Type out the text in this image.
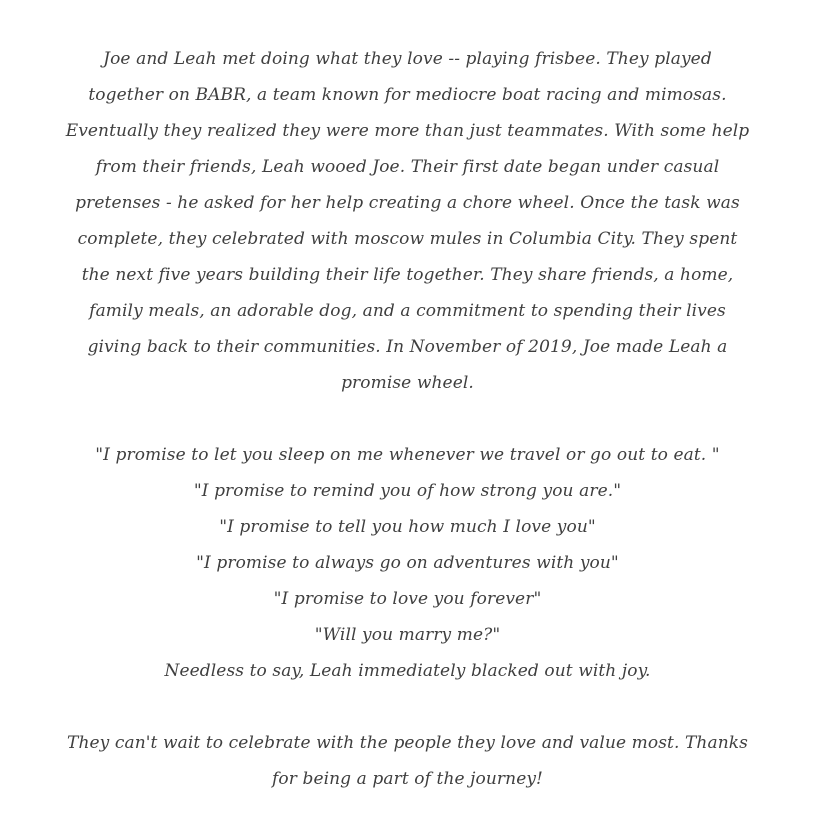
Joe and Leah met doing what they love -- playing frisbee. They played together on BABR, a team known for mediocre boat racing and mimosas. Eventually they realized they were more than just teammates. With some help from their friends, Leah wooed Joe. Their first date began under casual pretenses - he asked for her help creating a chore wheel. Once the task was complete, they celebrated with moscow mules in Columbia City. They spent the next five years building their life together. They share friends, a home, family meals, an adorable dog, and a commitment to spending their lives giving back to their communities. In November of 2019, Joe made Leah a promise wheel.

"I promise to let you sleep on me whenever we travel or go out to eat. "
"I promise to remind you of how strong you are."
"I promise to tell you how much I love you"
"I promise to always go on adventures with you"
"I promise to love you forever"
"Will you marry me?"
Needless to say, Leah immediately blacked out with joy.

They can't wait to celebrate with the people they love and value most. Thanks for being a part of the journey!
